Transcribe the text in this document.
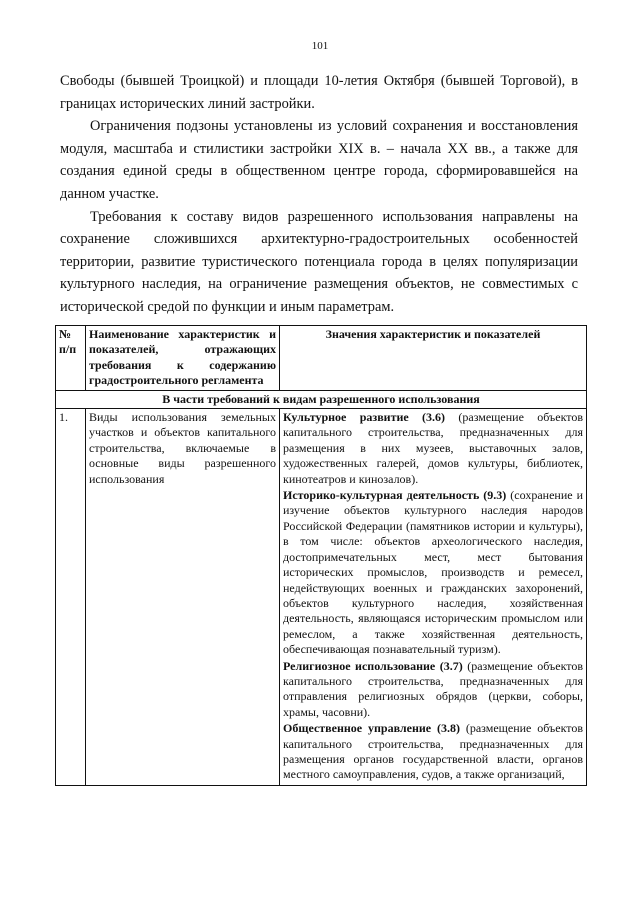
101

Свободы (бывшей Троицкой) и площади 10-летия Октября (бывшей Торговой), в границах исторических линий застройки.

Ограничения подзоны установлены из условий сохранения и восстановления модуля, масштаба и стилистики застройки XIX в. – начала XX вв., а также для создания единой среды в общественном центре города, сформировавшейся на данном участке.

Требования к составу видов разрешенного использования направлены на сохранение сложившихся архитектурно-градостроительных особенностей территории, развитие туристического потенциала города в целях популяризации культурного наследия, на ограничение размещения объектов, не совместимых с исторической средой по функции и иным параметрам.

№ п/п	Наименование характеристик и показателей, отражающих требования к содержанию градостроительного регламента	Значения характеристик и показателей
В части требований к видам разрешенного использования		
1.	Виды использования земельных участков и объектов капитального строительства, включаемые в основные виды разрешенного использования	Культурное развитие (3.6) (размещение объектов капитального строительства, предназначенных для размещения в них музеев, выставочных залов, художественных галерей, домов культуры, библиотек, кинотеатров и кинозалов).
Историко-культурная деятельность (9.3) (сохранение и изучение объектов культурного наследия народов Российской Федерации (памятников истории и культуры), в том числе: объектов археологического наследия, достопримечательных мест, мест бытования исторических промыслов, производств и ремесел, недействующих военных и гражданских захоронений, объектов культурного наследия, хозяйственная деятельность, являющаяся историческим промыслом или ремеслом, а также хозяйственная деятельность, обеспечивающая познавательный туризм).
Религиозное использование (3.7) (размещение объектов капитального строительства, предназначенных для отправления религиозных обрядов (церкви, соборы, храмы, часовни).
Общественное управление (3.8) (размещение объектов капитального строительства, предназначенных для размещения органов государственной власти, органов местного самоуправления, судов, а также организаций,
